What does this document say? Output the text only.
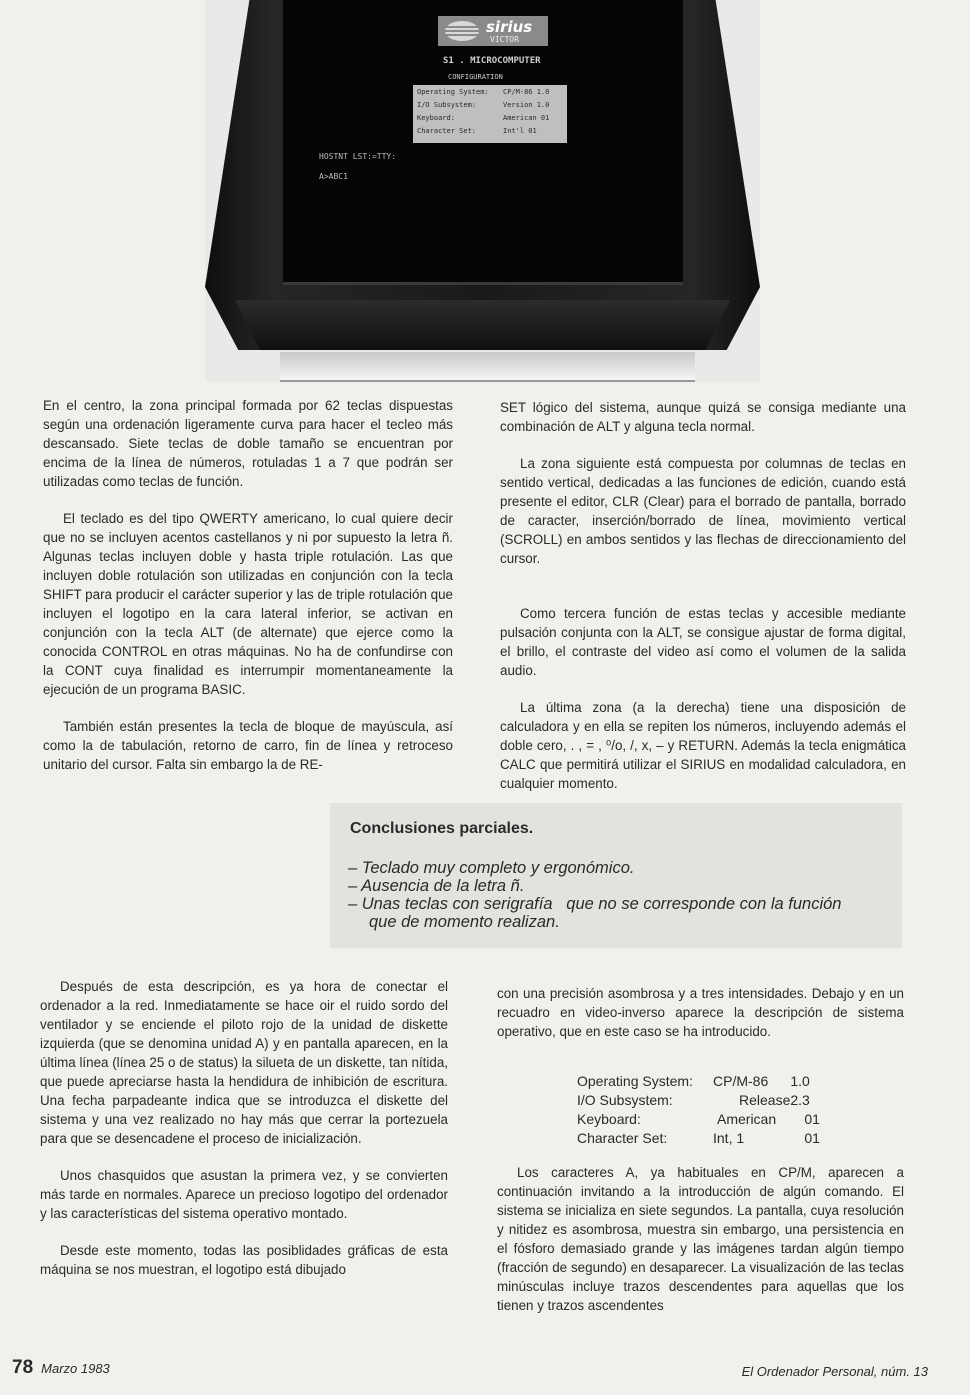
sirius
VICTOR
S1 . MICROCOMPUTER
CONFIGURATION
Operating System: CP/M-86 1.0
I/O Subsystem:	Version 1.0
Keyboard:	American 01
Character Set:	Int'l 01
HOSTNT LST:=TTY:
A>ABC1

En el centro, la zona principal formada por 62 teclas dispuestas según una ordenación ligeramente curva para hacer el tecleo más descansado. Siete teclas de doble tamaño se encuentran por encima de la línea de números, rotuladas 1 a 7 que podrán ser utilizadas como teclas de función.

El teclado es del tipo QWERTY americano, lo cual quiere decir que no se incluyen acentos castellanos y ni por supuesto la letra ñ. Algunas teclas incluyen doble y hasta triple rotulación. Las que incluyen doble rotulación son utilizadas en conjunción con la tecla SHIFT para producir el carácter superior y las de triple rotulación que incluyen el logotipo en la cara lateral inferior, se activan en conjunción con la tecla ALT (de alternate) que ejerce como la conocida CONTROL en otras máquinas. No ha de confundirse con la CONT cuya finalidad es interrumpir momentaneamente la ejecución de un programa BASIC.

También están presentes la tecla de bloque de mayúscula, así como la de tabulación, retorno de carro, fin de línea y retroceso unitario del cursor. Falta sin embargo la de RE-

SET lógico del sistema, aunque quizá se consiga mediante una combinación de ALT y alguna tecla normal.

La zona siguiente está compuesta por columnas de teclas en sentido vertical, dedicadas a las funciones de edición, cuando está presente el editor, CLR (Clear) para el borrado de pantalla, borrado de caracter, inserción/borrado de línea, movimiento vertical (SCROLL) en ambos sentidos y las flechas de direccionamiento del cursor.

Como tercera función de estas teclas y accesible mediante pulsación conjunta con la ALT, se consigue ajustar de forma digital, el brillo, el contraste del video así como el volumen de la salida audio.

La última zona (a la derecha) tiene una disposición de calculadora y en ella se repiten los números, incluyendo además el doble cero, . , = , ⁰/o, /, x, – y RETURN. Además la tecla enigmática CALC que permitirá utilizar el SIRIUS en modalidad calculadora, en cualquier momento.

Conclusiones parciales.
– Teclado muy completo y ergonómico.
– Ausencia de la letra ñ.
– Unas teclas con serigrafía   que no se corresponde con la función
que de momento realizan.

Después de esta descripción, es ya hora de conectar el ordenador a la red. Inmediatamente se hace oir el ruido sordo del ventilador y se enciende el piloto rojo de la unidad de diskette izquierda (que se denomina unidad A) y en pantalla aparecen, en la última línea (línea 25 o de status) la silueta de un diskette, tan nítida, que puede apreciarse hasta la hendidura de inhibición de escritura. Una fecha parpadeante indica que se introduzca el diskette del sistema y una vez realizado no hay más que cerrar la portezuela para que se desencadene el proceso de inicialización.

Unos chasquidos que asustan la primera vez, y se convierten más tarde en normales. Aparece un precioso logotipo del ordenador y las características del sistema operativo montado.

Desde este momento, todas las posiblidades gráficas de esta máquina se nos muestran, el logotipo está dibujado

con una precisión asombrosa y a tres intensidades. Debajo y en un recuadro en video-inverso aparece la descripción de sistema operativo, que en este caso se ha introducido.

Operating System:	CP/M-86	1.0
I/O Subsystem:	Release	2.3
Keyboard:	American	01
Character Set:	Int, 1	01

Los caracteres A, ya habituales en CP/M, aparecen a continuación invitando a la introducción de algún comando. El sistema se inicializa en siete segundos. La pantalla, cuya resolución y nitidez es asombrosa, muestra sin embargo, una persistencia en el fósforo demasiado grande y las imágenes tardan algún tiempo (fracción de segundo) en desaparecer. La visualización de las teclas minúsculas incluye trazos descendentes para aquellas que los tienen y trazos ascendentes

78 Marzo 1983	El Ordenador Personal, núm. 13
